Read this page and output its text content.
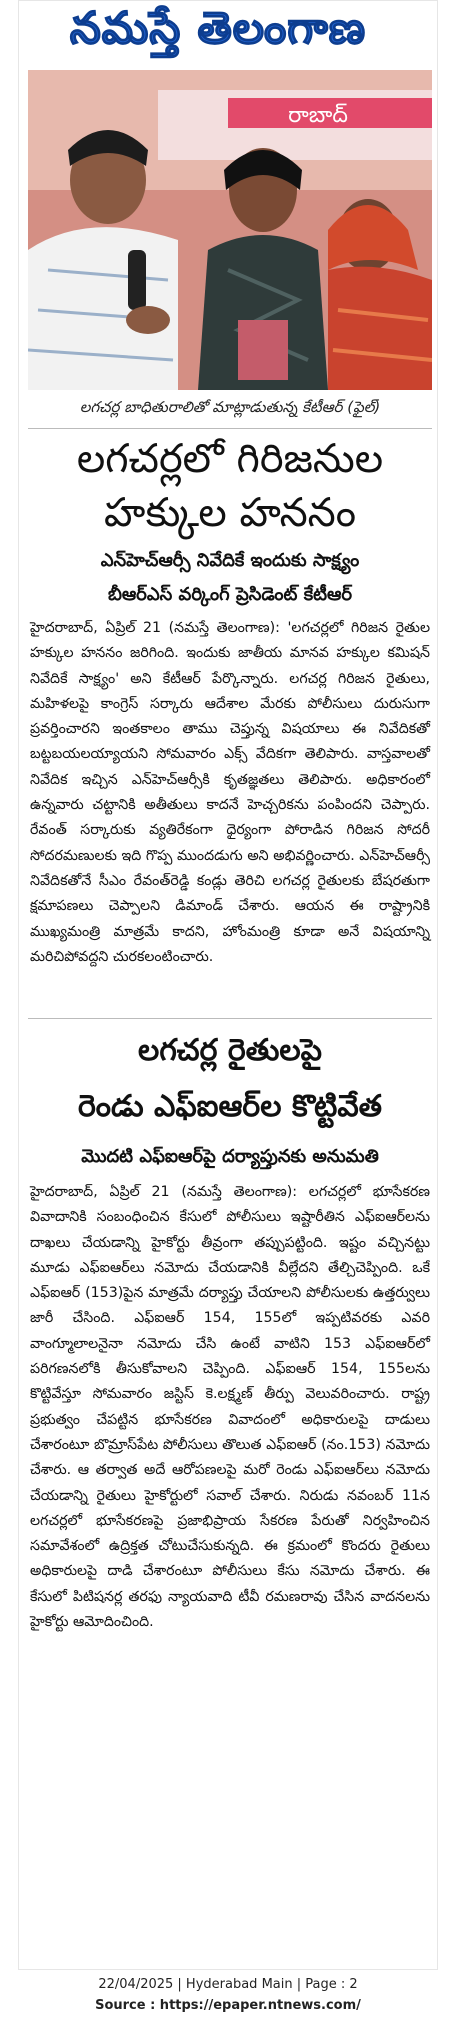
నమస్తే తెలంగాణ
రాబాద్
లగచర్ల బాధితురాలితో మాట్లాడుతున్న కేటీఆర్ (ఫైల్)
లగచర్లలో గిరిజనుల
హక్కుల హననం
ఎన్‌హెచ్‌ఆర్సీ నివేదికే ఇందుకు సాక్ష్యం
బీఆర్‌ఎస్ వర్కింగ్ ప్రెసిడెంట్ కేటీఆర్
హైదరాబాద్, ఏప్రిల్ 21 (నమస్తే తెలంగాణ): 'లగచర్లలో గిరిజన రైతుల హక్కుల హననం జరిగింది. ఇందుకు జాతీయ మానవ హక్కుల కమిషన్ నివేదికే సాక్ష్యం' అని కేటీఆర్ పేర్కొన్నారు. లగచర్ల గిరిజన రైతులు, మహిళలపై కాంగ్రెస్ సర్కారు ఆదేశాల మేరకు పోలీసులు దురుసుగా ప్రవర్తించారని ఇంతకాలం తాము చెప్తున్న విషయాలు ఈ నివేదికతో బట్టబయలయ్యాయని సోమవారం ఎక్స్ వేదికగా తెలిపారు. వాస్తవాలతో నివేదిక ఇచ్చిన ఎన్‌హెచ్‌ఆర్సీకి కృతజ్ఞతలు తెలిపారు. అధికారంలో ఉన్నవారు చట్టానికి అతీతులు కాదనే హెచ్చరికను పంపిందని చెప్పారు. రేవంత్ సర్కారుకు వ్యతిరేకంగా ధైర్యంగా పోరాడిన గిరిజన సోదరీ సోదరమణులకు ఇది గొప్ప ముందడుగు అని అభివర్ణించారు. ఎన్‌హెచ్‌ఆర్సీ నివేదికతోనే సీఎం రేవంత్‌రెడ్డి కండ్లు తెరిచి లగచర్ల రైతులకు బేషరతుగా క్షమాపణలు చెప్పాలని డిమాండ్ చేశారు. ఆయన ఈ రాష్ట్రానికి ముఖ్యమంత్రి మాత్రమే కాదని, హోంమంత్రి కూడా అనే విషయాన్ని మరిచిపోవద్దని చురకలంటించారు.
లగచర్ల రైతులపై
రెండు ఎఫ్ఐఆర్‌ల కొట్టివేత
మొదటి ఎఫ్ఐఆర్‌పై దర్యాప్తునకు అనుమతి
హైదరాబాద్, ఏప్రిల్ 21 (నమస్తే తెలంగాణ): లగచర్లలో భూసేకరణ వివాదానికి సంబంధించిన కేసులో పోలీసులు ఇష్టారీతిన ఎఫ్ఐఆర్‌లను దాఖలు చేయడాన్ని హైకోర్టు తీవ్రంగా తప్పుపట్టింది. ఇష్టం వచ్చినట్టు మూడు ఎఫ్ఐఆర్‌లు నమోదు చేయడానికి వీల్లేదని తేల్చిచెప్పింది. ఒకే ఎఫ్ఐఆర్ (153)పైన మాత్రమే దర్యాప్తు చేయాలని పోలీసులకు ఉత్తర్వులు జారీ చేసింది. ఎఫ్ఐఆర్ 154, 155లో ఇప్పటివరకు ఎవరి వాంగ్మూలాలనైనా నమోదు చేసి ఉంటే వాటిని 153 ఎఫ్ఐఆర్‌లో పరిగణనలోకి తీసుకోవాలని చెప్పింది. ఎఫ్ఐఆర్ 154, 155లను కొట్టివేస్తూ సోమవారం జస్టిస్ కె.లక్ష్మణ్ తీర్పు వెలువరించారు. రాష్ట్ర ప్రభుత్వం చేపట్టిన భూసేకరణ వివాదంలో అధికారులపై దాడులు చేశారంటూ బొమ్రాస్‌పేట పోలీసులు తొలుత ఎఫ్ఐఆర్ (నం.153) నమోదు చేశారు. ఆ తర్వాత అదే ఆరోపణలపై మరో రెండు ఎఫ్ఐఆర్‌లు నమోదు చేయడాన్ని రైతులు హైకోర్టులో సవాల్ చేశారు. నిరుడు నవంబర్ 11న లగచర్లలో భూసేకరణపై ప్రజాభిప్రాయ సేకరణ పేరుతో నిర్వహించిన సమావేశంలో ఉద్రిక్తత చోటుచేసుకున్నది. ఈ క్రమంలో కొందరు రైతులు అధికారులపై దాడి చేశారంటూ పోలీసులు కేసు నమోదు చేశారు. ఈ కేసులో పిటిషనర్ల తరఫు న్యాయవాది టీవీ రమణరావు చేసిన వాదనలను హైకోర్టు ఆమోదించింది.
22/04/2025 | Hyderabad Main | Page : 2
Source : https://epaper.ntnews.com/
